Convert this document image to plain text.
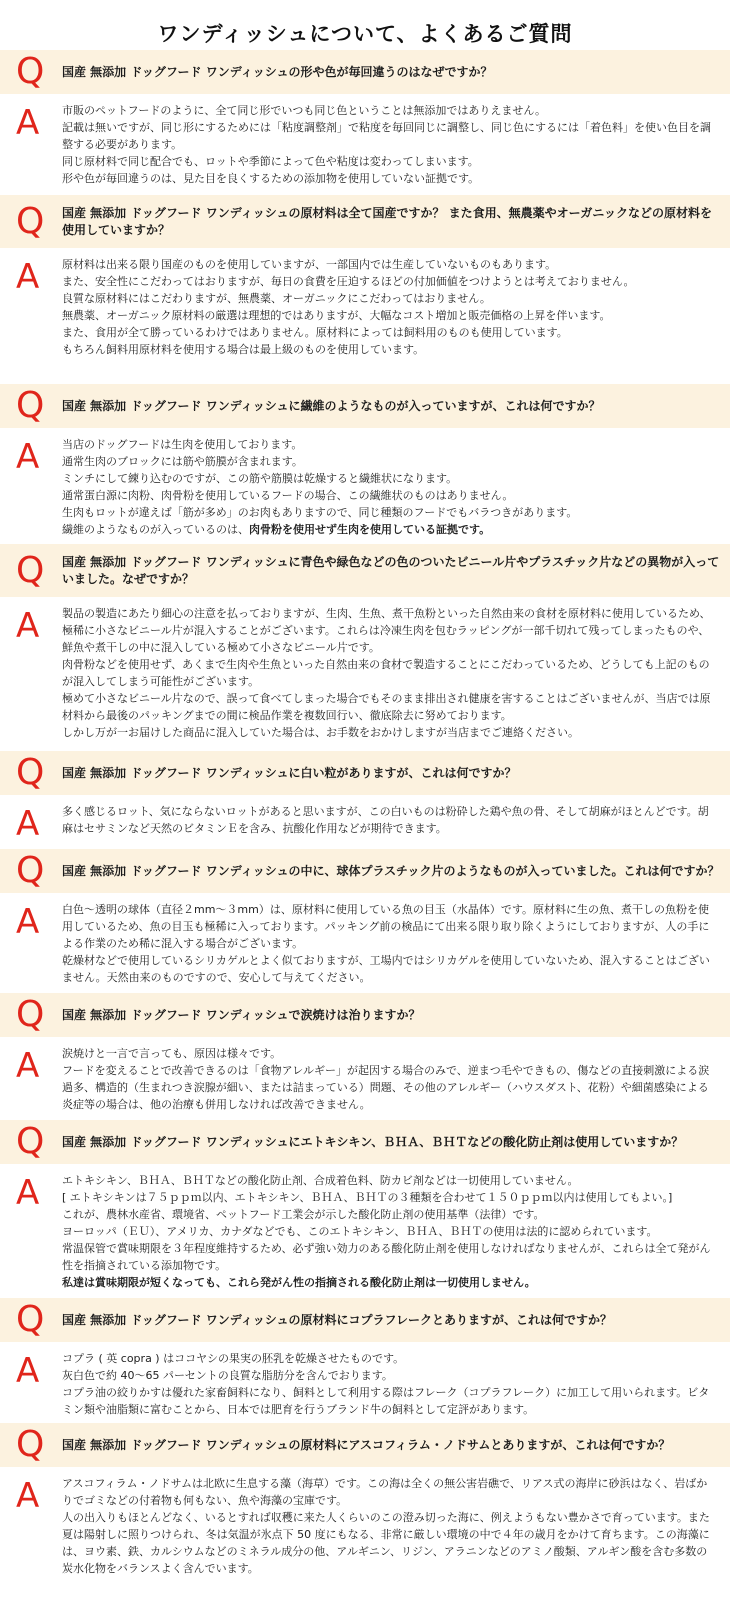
ワンディッシュについて、よくあるご質問
Q	国産 無添加 ドッグフード ワンディッシュの形や色が毎回違うのはなぜですか？
A	市販のペットフードのように、全て同じ形でいつも同じ色ということは無添加ではありえません。
記載は無いですが、同じ形にするためには「粘度調整剤」で粘度を毎回同じに調整し、同じ色にするには「着色料」を使い色目を調整する必要があります。
同じ原材料で同じ配合でも、ロットや季節によって色や粘度は変わってしまいます。
形や色が毎回違うのは、見た目を良くするための添加物を使用していない証拠です。
Q	国産 無添加 ドッグフード ワンディッシュの原材料は全て国産ですか？ また食用、無農薬やオーガニックなどの原材料を使用していますか？
A	原材料は出来る限り国産のものを使用していますが、一部国内では生産していないものもあります。
また、安全性にこだわってはおりますが、毎日の食費を圧迫するほどの付加価値をつけようとは考えておりません。
良質な原材料にはこだわりますが、無農薬、オーガニックにこだわってはおりません。
無農薬、オーガニック原材料の厳選は理想的ではありますが、大幅なコスト増加と販売価格の上昇を伴います。
また、食用が全て勝っているわけではありません。原材料によっては飼料用のものも使用しています。
もちろん飼料用原材料を使用する場合は最上級のものを使用しています。
Q	国産 無添加 ドッグフード ワンディッシュに繊維のようなものが入っていますが、これは何ですか？
A	当店のドッグフードは生肉を使用しております。
通常生肉のブロックには筋や筋膜が含まれます。
ミンチにして練り込むのですが、この筋や筋膜は乾燥すると繊維状になります。
通常蛋白源に肉粉、肉骨粉を使用しているフードの場合、この繊維状のものはありません。
生肉もロットが違えば「筋が多め」のお肉もありますので、同じ種類のフードでもバラつきがあります。
繊維のようなものが入っているのは、肉骨粉を使用せず生肉を使用している証拠です。
Q	国産 無添加 ドッグフード ワンディッシュに青色や緑色などの色のついたビニール片やプラスチック片などの異物が入っていました。なぜですか？
A	製品の製造にあたり細心の注意を払っておりますが、生肉、生魚、煮干魚粉といった自然由来の食材を原材料に使用しているため、極稀に小さなビニール片が混入することがございます。これらは冷凍生肉を包むラッピングが一部千切れて残ってしまったものや、鮮魚や煮干しの中に混入している極めて小さなビニール片です。
肉骨粉などを使用せず、あくまで生肉や生魚といった自然由来の食材で製造することにこだわっているため、どうしても上記のものが混入してしまう可能性がございます。
極めて小さなビニール片なので、誤って食べてしまった場合でもそのまま排出され健康を害することはございませんが、当店では原材料から最後のパッキングまでの間に検品作業を複数回行い、徹底除去に努めております。
しかし万が一お届けした商品に混入していた場合は、お手数をおかけしますが当店までご連絡ください。
Q	国産 無添加 ドッグフード ワンディッシュに白い粒がありますが、これは何ですか？
A	多く感じるロット、気にならないロットがあると思いますが、この白いものは粉砕した鶏や魚の骨、そして胡麻がほとんどです。胡麻はセサミンなど天然のビタミンＥを含み、抗酸化作用などが期待できます。
Q	国産 無添加 ドッグフード ワンディッシュの中に、球体プラスチック片のようなものが入っていました。これは何ですか？
A	白色〜透明の球体（直径２mm〜３mm）は、原材料に使用している魚の目玉（水晶体）です。原材料に生の魚、煮干しの魚粉を使用しているため、魚の目玉も極稀に入っております。パッキング前の検品にて出来る限り取り除くようにしておりますが、人の手による作業のため稀に混入する場合がございます。
乾燥材などで使用しているシリカゲルとよく似ておりますが、工場内ではシリカゲルを使用していないため、混入することはございません。天然由来のものですので、安心して与えてください。
Q	国産 無添加 ドッグフード ワンディッシュで涙焼けは治りますか？
A	涙焼けと一言で言っても、原因は様々です。
フードを変えることで改善できるのは「食物アレルギー」が起因する場合のみで、逆まつ毛やできもの、傷などの直接刺激による涙過多、構造的（生まれつき涙腺が細い、または詰まっている）問題、その他のアレルギー（ハウスダスト、花粉）や細菌感染による炎症等の場合は、他の治療も併用しなければ改善できません。
Q	国産 無添加 ドッグフード ワンディッシュにエトキシキン、ＢＨＡ、ＢＨＴなどの酸化防止剤は使用していますか？
A	エトキシキン、ＢＨＡ、ＢＨＴなどの酸化防止剤、合成着色料、防カビ剤などは一切使用していません。
[ エトキシキンは７５ｐｐｍ以内、エトキシキン、ＢＨＡ、ＢＨＴの３種類を合わせて１５０ｐｐｍ以内は使用してもよい。]
これが、農林水産省、環境省、ペットフード工業会が示した酸化防止剤の使用基準（法律）です。
ヨーロッパ（ＥＵ）、アメリカ、カナダなどでも、このエトキシキン、ＢＨＡ、ＢＨＴの使用は法的に認められています。
常温保管で賞味期限を３年程度維持するため、必ず強い効力のある酸化防止剤を使用しなければなりませんが、これらは全て発がん性を指摘されている添加物です。
私達は賞味期限が短くなっても、これら発がん性の指摘される酸化防止剤は一切使用しません。
Q	国産 無添加 ドッグフード ワンディッシュの原材料にコプラフレークとありますが、これは何ですか？
A	コプラ ( 英 copra ) はココヤシの果実の胚乳を乾燥させたものです。
灰白色で約 40〜65 パーセントの良質な脂肪分を含んでおります。
コプラ油の絞りかすは優れた家畜飼料になり、飼料として利用する際はフレーク（コプラフレーク）に加工して用いられます。ビタミン類や油脂類に富むことから、日本では肥育を行うブランド牛の飼料として定評があります。
Q	国産 無添加 ドッグフード ワンディッシュの原材料にアスコフィラム・ノドサムとありますが、これは何ですか？
A	アスコフィラム・ノドサムは北欧に生息する藻（海草）です。この海は全くの無公害岩礁で、リアス式の海岸に砂浜はなく、岩ばかりでゴミなどの付着物も何もない、魚や海藻の宝庫です。
人の出入りもほとんどなく、いるとすれば収穫に来た人くらいのこの澄み切った海に、例えようもない豊かさで育っています。また夏は陽射しに照りつけられ、冬は気温が氷点下 50 度にもなる、非常に厳しい環境の中で４年の歳月をかけて育ちます。この海藻には、ヨウ素、鉄、カルシウムなどのミネラル成分の他、アルギニン、リジン、アラニンなどのアミノ酸類、アルギン酸を含む多数の炭水化物をバランスよく含んでいます。
